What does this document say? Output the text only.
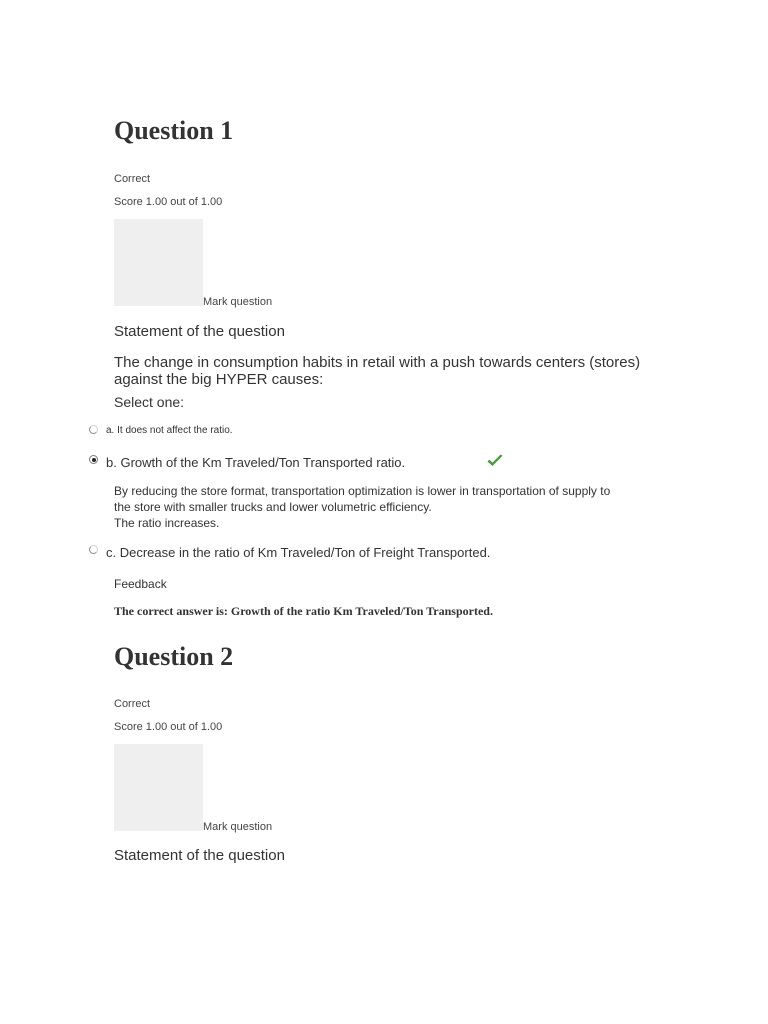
Question 1
Correct
Score 1.00 out of 1.00
Mark question
Statement of the question
The change in consumption habits in retail with a push towards centers (stores) against the big HYPER causes:
Select one:
a. It does not affect the ratio.
b. Growth of the Km Traveled/Ton Transported ratio.
By reducing the store format, transportation optimization is lower in transportation of supply to the store with smaller trucks and lower volumetric efficiency.
The ratio increases.
c. Decrease in the ratio of Km Traveled/Ton of Freight Transported.
Feedback
The correct answer is: Growth of the ratio Km Traveled/Ton Transported.
Question 2
Correct
Score 1.00 out of 1.00
Mark question
Statement of the question
